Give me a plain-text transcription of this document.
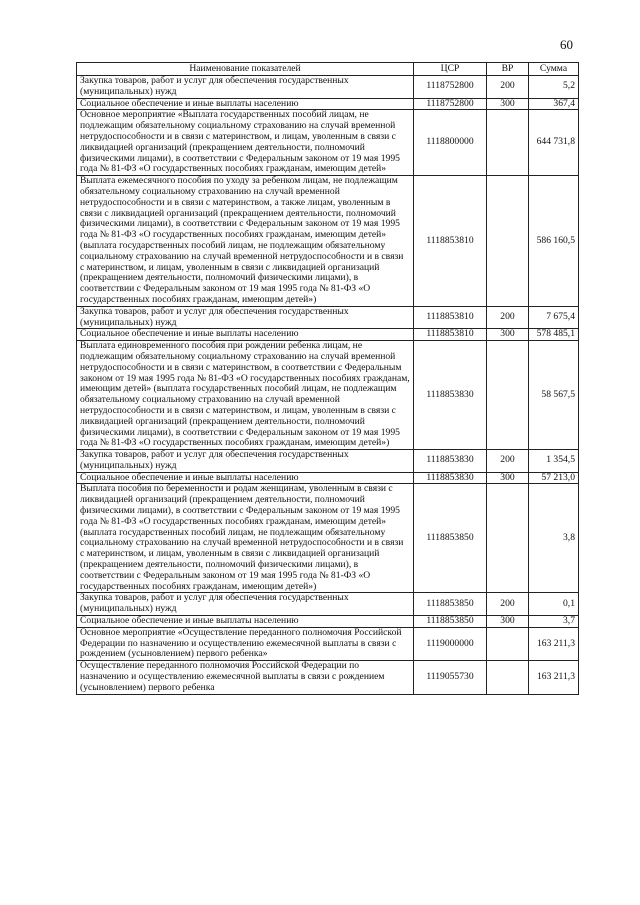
60
Наименование показателей	ЦСР	ВР	Сумма
Закупка товаров, работ и услуг для обеспечения государственных (муниципальных) нужд	1118752800	200	5,2
Социальное обеспечение и иные выплаты населению	1118752800	300	367,4
Основное мероприятие «Выплата государственных пособий лицам, не подлежащим обязательному социальному страхованию на случай временной нетрудоспособности и в связи с материнством, и лицам, уволенным в связи с ликвидацией организаций (прекращением деятельности, полномочий физическими лицами), в соответствии с Федеральным законом от 19 мая 1995 года № 81-ФЗ «О государственных пособиях гражданам, имеющим детей»	1118800000		644 731,8
Выплата ежемесячного пособия по уходу за ребенком лицам, не подлежащим обязательному социальному страхованию на случай временной нетрудоспособности и в связи с материнством, а также лицам, уволенным в связи с ликвидацией организаций (прекращением деятельности, полномочий физическими лицами), в соответствии с Федеральным законом от 19 мая 1995 года № 81-ФЗ «О государственных пособиях гражданам, имеющим детей» (выплата государственных пособий лицам, не подлежащим обязательному социальному страхованию на случай временной нетрудоспособности и в связи с материнством, и лицам, уволенным в связи с ликвидацией организаций (прекращением деятельности, полномочий физическими лицами), в соответствии с Федеральным законом от 19 мая 1995 года № 81-ФЗ «О государственных пособиях гражданам, имеющим детей»)	1118853810		586 160,5
Закупка товаров, работ и услуг для обеспечения государственных (муниципальных) нужд	1118853810	200	7 675,4
Социальное обеспечение и иные выплаты населению	1118853810	300	578 485,1
Выплата единовременного пособия при рождении ребенка лицам, не подлежащим обязательному социальному страхованию на случай временной нетрудоспособности и в связи с материнством, в соответствии с Федеральным законом от 19 мая 1995 года № 81-ФЗ «О государственных пособиях гражданам, имеющим детей» (выплата государственных пособий лицам, не подлежащим обязательному социальному страхованию на случай временной нетрудоспособности и в связи с материнством, и лицам, уволенным в связи с ликвидацией организаций (прекращением деятельности, полномочий физическими лицами), в соответствии с Федеральным законом от 19 мая 1995 года № 81-ФЗ «О государственных пособиях гражданам, имеющим детей»)	1118853830		58 567,5
Закупка товаров, работ и услуг для обеспечения государственных (муниципальных) нужд	1118853830	200	1 354,5
Социальное обеспечение и иные выплаты населению	1118853830	300	57 213,0
Выплата пособия по беременности и родам женщинам, уволенным в связи с ликвидацией организаций (прекращением деятельности, полномочий физическими лицами), в соответствии с Федеральным законом от 19 мая 1995 года № 81-ФЗ «О государственных пособиях гражданам, имеющим детей» (выплата государственных пособий лицам, не подлежащим обязательному социальному страхованию на случай временной нетрудоспособности и в связи с материнством, и лицам, уволенным в связи с ликвидацией организаций (прекращением деятельности, полномочий физическими лицами), в соответствии с Федеральным законом от 19 мая 1995 года № 81-ФЗ «О государственных пособиях гражданам, имеющим детей»)	1118853850		3,8
Закупка товаров, работ и услуг для обеспечения государственных (муниципальных) нужд	1118853850	200	0,1
Социальное обеспечение и иные выплаты населению	1118853850	300	3,7
Основное мероприятие «Осуществление переданного полномочия Российской Федерации по назначению и осуществлению ежемесячной выплаты в связи с рождением (усыновлением) первого ребенка»	1119000000		163 211,3
Осуществление переданного полномочия Российской Федерации по назначению и осуществлению ежемесячной выплаты в связи с рождением (усыновлением) первого ребенка	1119055730		163 211,3
